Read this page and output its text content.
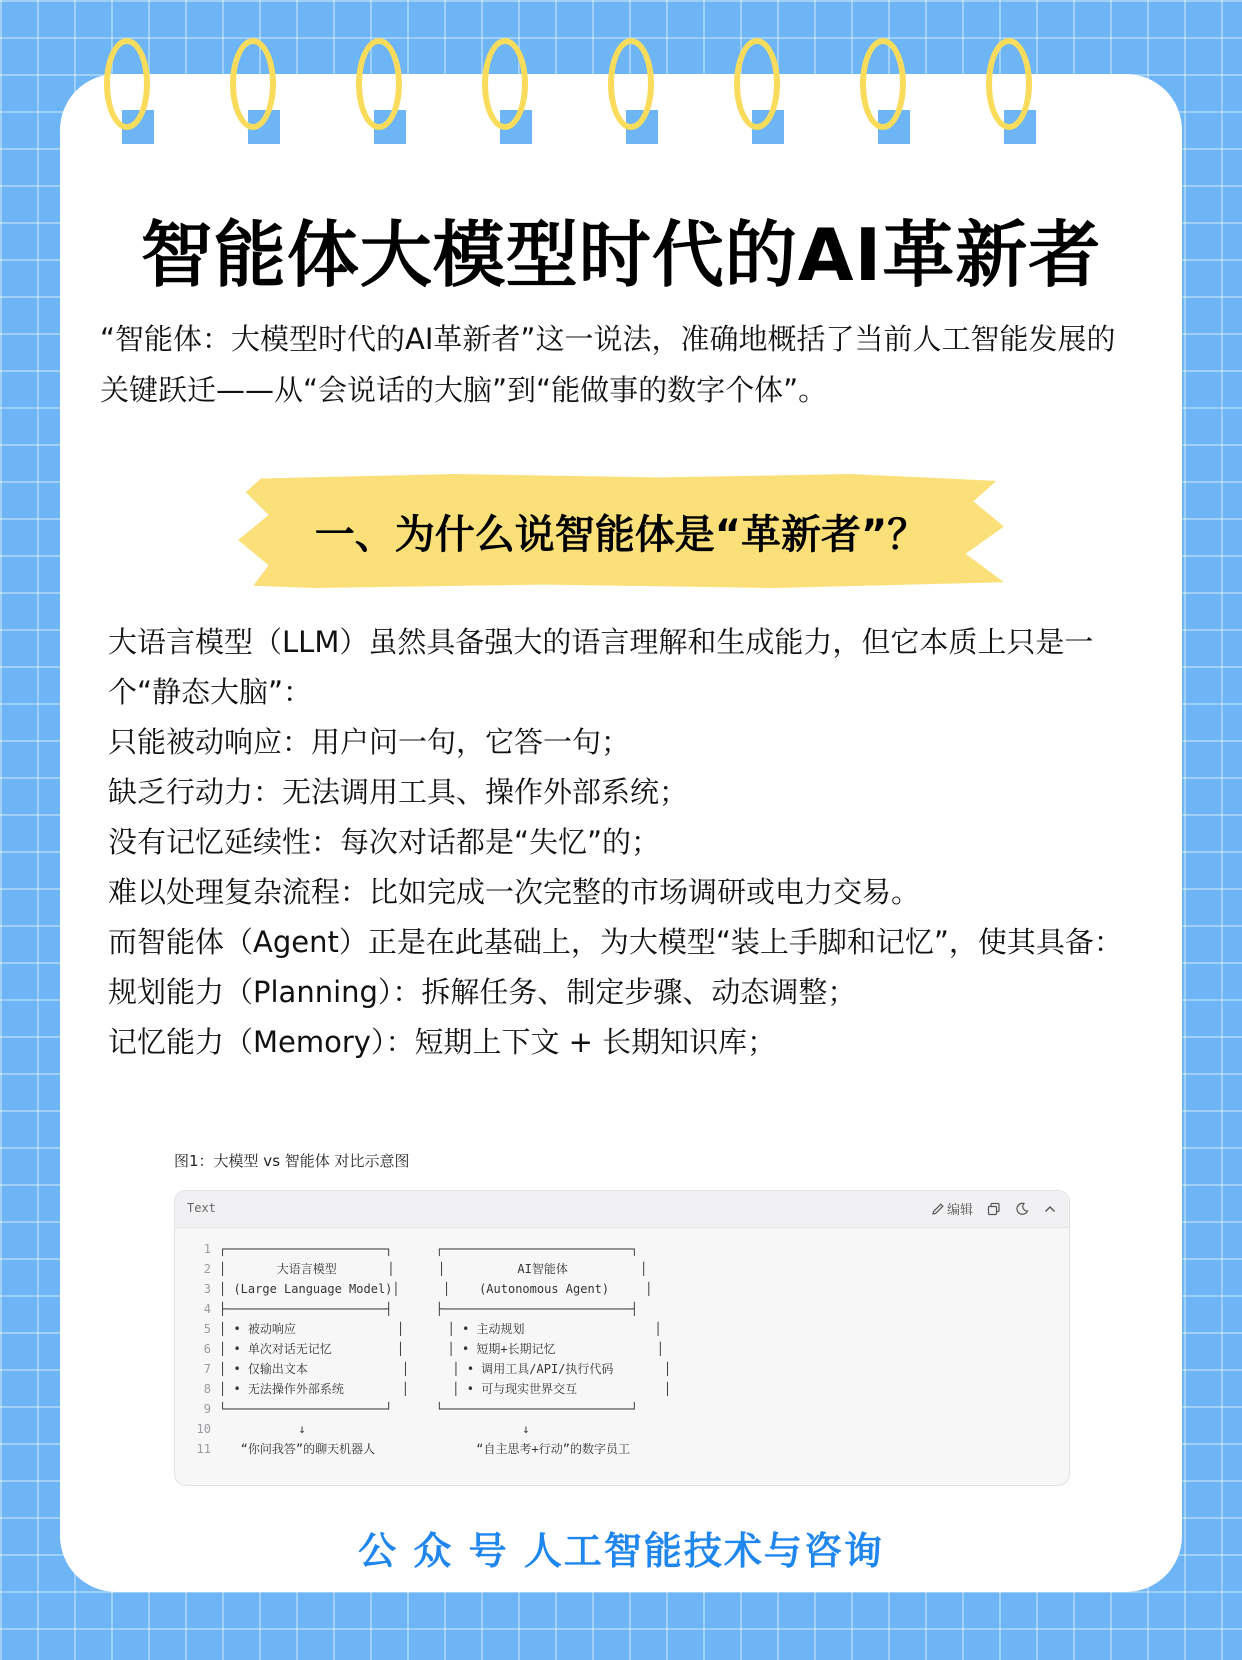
智能体大模型时代的AI革新者
“智能体：大模型时代的AI革新者”这一说法，准确地概括了当前人工智能发展的关键跃迁——从“会说话的大脑”到“能做事的数字个体”。
一、为什么说智能体是“革新者”？

大语言模型（LLM）虽然具备强大的语言理解和生成能力，但它本质上只是一个“静态大脑”：

只能被动响应：用户问一句，它答一句；

缺乏行动力：无法调用工具、操作外部系统；

没有记忆延续性：每次对话都是“失忆”的；

难以处理复杂流程：比如完成一次完整的市场调研或电力交易。

而智能体（Agent）正是在此基础上，为大模型“装上手脚和记忆”，使其具备：

规划能力（Planning）：拆解任务、制定步骤、动态调整；

记忆能力（Memory）：短期上下文 + 长期知识库；

图1：大模型 vs 智能体 对比示意图
Text	编辑
1 ┌──────────────────────┐      ┌──────────────────────────┐
2 │       大语言模型       │      │          AI智能体          │
3 │ (Large Language Model)│      │    (Autonomous Agent)     │
4 ├──────────────────────┤      ├──────────────────────────┤
5 │ • 被动响应              │      │ • 主动规划                  │
6 │ • 单次对话无记忆         │      │ • 短期+长期记忆              │
7 │ • 仅输出文本             │      │ • 调用工具/API/执行代码       │
8 │ • 无法操作外部系统        │      │ • 可与现实世界交互            │
9 └──────────────────────┘      └──────────────────────────┘
10 ↓                              ↓
11 “你问我答”的聊天机器人              “自主思考+行动”的数字员工
公 众 号 人工智能技术与咨询
